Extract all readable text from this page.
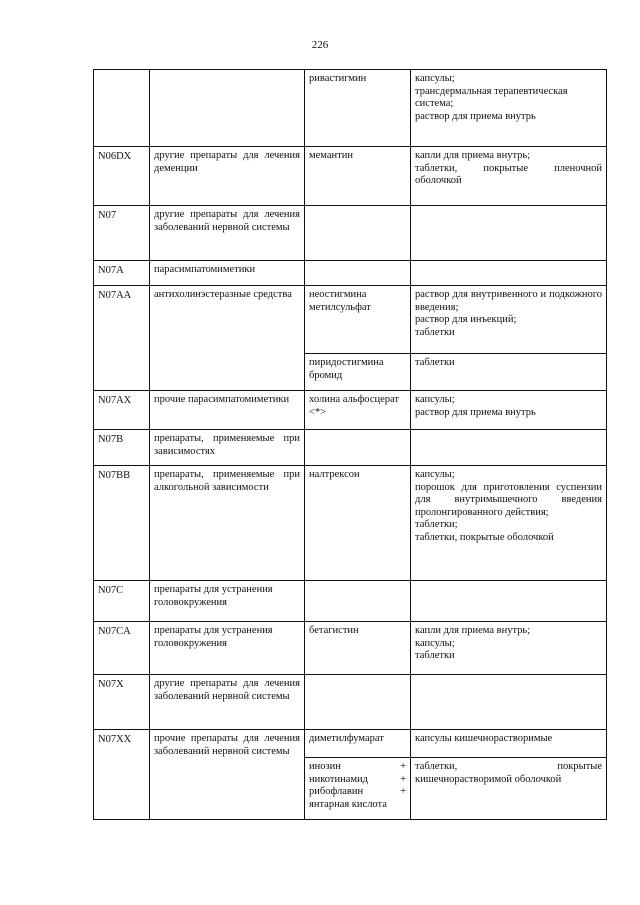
226
		ривастигмин	капсулы;
трансдермальная терапевтическая система;
раствор для приема внутрь

N06DX	другие препараты для лечения деменции	мемантин	капли для приема внутрь;
таблетки, покрытые пленочной оболочкой

N07	другие препараты для лечения заболеваний нервной системы		
N07A	парасимпатомиметики		
N07AA	антихолинэстеразные средства	неостигмина метилсульфат	раствор для внутривенного и подкожного введения;
раствор для инъекций;
таблетки

		пиридостигмина бромид	таблетки

N07AX	прочие парасимпатомиметики	холина альфосцерат <*>	капсулы;
раствор для приема внутрь

N07B	препараты, применяемые при зависимостях		
N07BB	препараты, применяемые при алкогольной зависимости	налтрексон	капсулы;
порошок для приготовления суспензии для внутримышечного введения пролонгированного действия;
таблетки;
таблетки, покрытые оболочкой

N07C	препараты для устранения головокружения		
N07CA	препараты для устранения головокружения	бетагистин	капли для приема внутрь;
капсулы;
таблетки

N07X	другие препараты для лечения заболеваний нервной системы		
N07XX	прочие препараты для лечения заболеваний нервной системы	диметилфумарат	капсулы кишечнорастворимые

		инозин + никотинамид + рибофлавин + янтарная кислота	таблетки, покрытые кишечнорастворимой оболочкой
